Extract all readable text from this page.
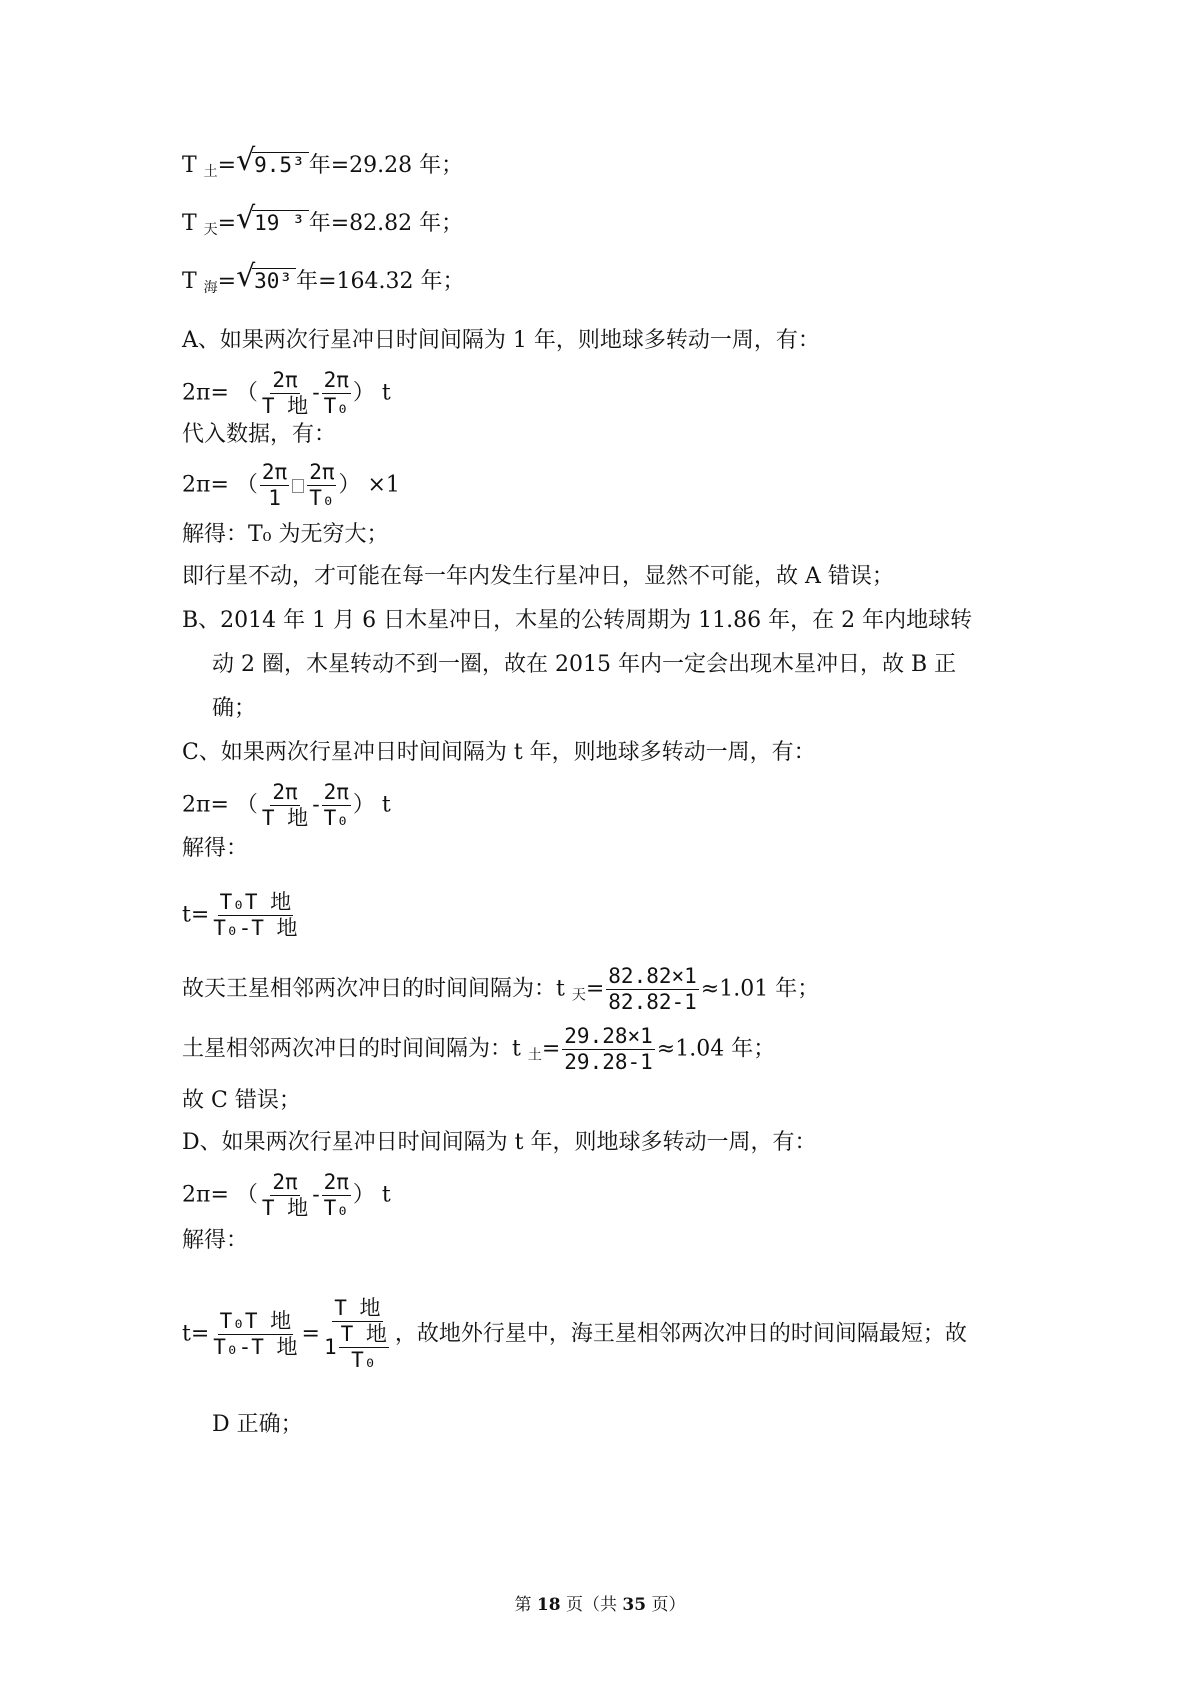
T $_土$= √ 9.5³ 年=29.28 年；
T $_天$= √ 19 ³ 年=82.82 年；
T $_海$= √ 30³ 年=164.32 年；
A、如果两次行星冲日时间间隔为 1 年，则地球多转动一周，有：
2π= （ $\frac{2\pi}{\text{T 地}} - \frac{2\pi}{\text{T₀}}$ ） t
代入数据，有：
2π= （ $\frac{2\pi}{1} \frac{2\pi}{\text{T₀}}$ ） ×1
解得：T₀ 为无穷大；
即行星不动，才可能在每一年内发生行星冲日，显然不可能，故 A 错误；
B、2014 年 1 月 6 日木星冲日，木星的公转周期为 11.86 年，在 2 年内地球转
动 2 圈，木星转动不到一圈，故在 2015 年内一定会出现木星冲日，故 B 正
确；
C、如果两次行星冲日时间间隔为 t 年，则地球多转动一周，有：
2π= （ $\frac{2\pi}{\text{T 地}} - \frac{2\pi}{\text{T₀}}$ ） t
解得：
$t= \frac{\text{T₀T 地}}{\text{T₀-T 地}}$
故天王星相邻两次冲日的时间间隔为：t $_天= \frac{82.82\times 1}{82.82-1} \approx 1.01$ 年；
土星相邻两次冲日的时间间隔为：t $_土= \frac{29.28\times 1}{29.28-1} \approx 1.04$ 年；
故 C 错误；
D、如果两次行星冲日时间间隔为 t 年，则地球多转动一周，有：
2π= （ $\frac{2\pi}{\text{T 地}} - \frac{2\pi}{\text{T₀}}$ ） t
解得：
$t= \frac{\text{T₀T 地}}{\text{T₀-T 地}} = \frac{\text{T 地}}{1 \frac{\text{T 地}}{\text{T₀}}}$ ，故地外行星中，海王星相邻两次冲日的时间间隔最短；故
D 正确；
第 18 页（共 35 页）
